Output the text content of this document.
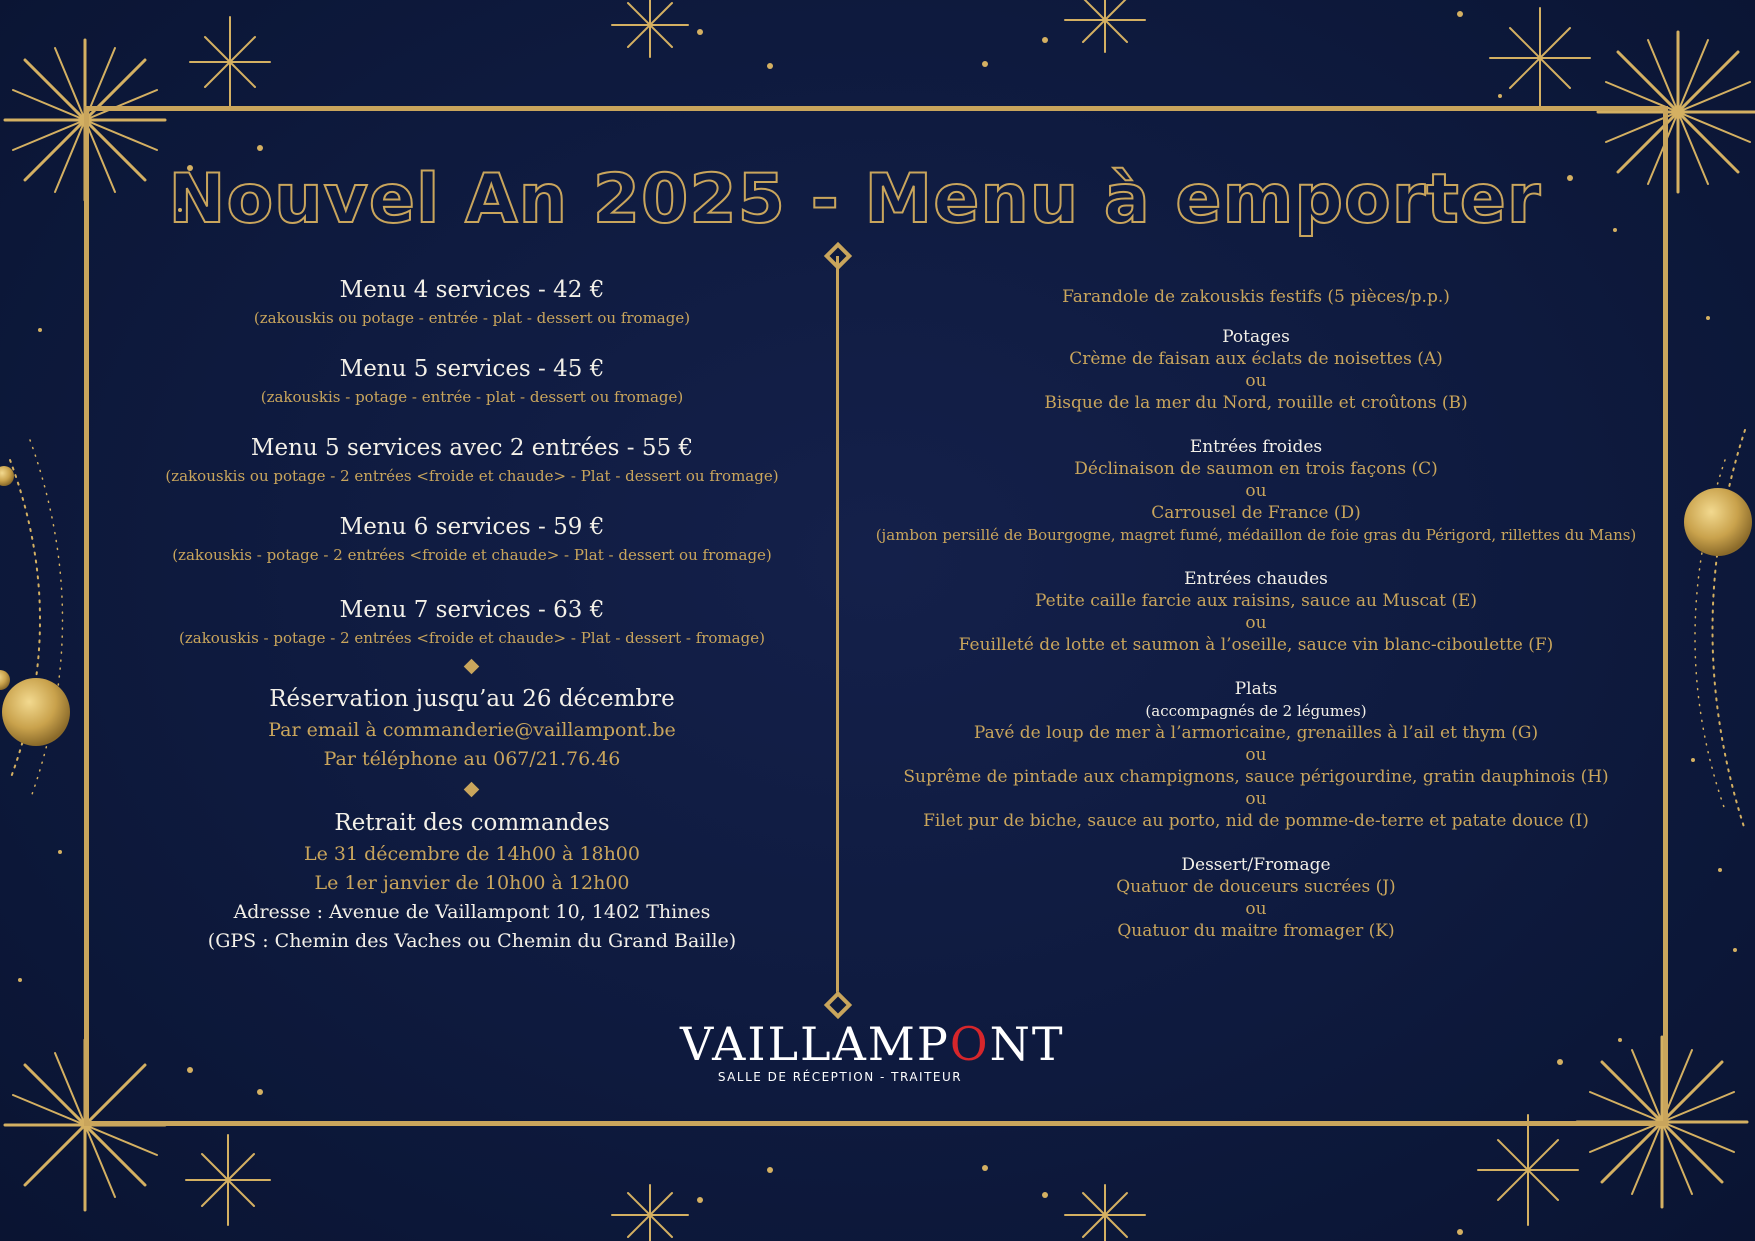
Nouvel An 2025 - Menu à emporter
Menu 4 services - 42 €
(zakouskis ou potage - entrée - plat - dessert ou fromage)
Menu 5 services - 45 €
(zakouskis - potage - entrée - plat - dessert ou fromage)
Menu 5 services avec 2 entrées - 55 €
(zakouskis ou potage - 2 entrées <froide et chaude> - Plat - dessert ou fromage)
Menu 6 services - 59 €
(zakouskis - potage - 2 entrées <froide et chaude> - Plat - dessert ou fromage)
Menu 7 services - 63 €
(zakouskis - potage - 2 entrées <froide et chaude> - Plat - dessert - fromage)
Réservation jusqu’au 26 décembre
Par email à commanderie@vaillampont.be
Par téléphone au 067/21.76.46
Retrait des commandes
Le 31 décembre de 14h00 à 18h00
Le 1er janvier de 10h00 à 12h00
Adresse : Avenue de Vaillampont 10, 1402 Thines
(GPS : Chemin des Vaches ou Chemin du Grand Baille)
Farandole de zakouskis festifs (5 pièces/p.p.)
Potages
Crème de faisan aux éclats de noisettes (A)
ou
Bisque de la mer du Nord, rouille et croûtons (B)
Entrées froides
Déclinaison de saumon en trois façons (C)
ou
Carrousel de France (D)
(jambon persillé de Bourgogne, magret fumé, médaillon de foie gras du Périgord, rillettes du Mans)
Entrées chaudes
Petite caille farcie aux raisins, sauce au Muscat (E)
ou
Feuilleté de lotte et saumon à l’oseille, sauce vin blanc-ciboulette (F)
Plats
(accompagnés de 2 légumes)
Pavé de loup de mer à l’armoricaine, grenailles à l’ail et thym (G)
ou
Suprême de pintade aux champignons, sauce périgourdine, gratin dauphinois (H)
ou
Filet pur de biche, sauce au porto, nid de pomme-de-terre et patate douce (I)
Dessert/Fromage
Quatuor de douceurs sucrées (J)
ou
Quatuor du maitre fromager (K)
VAILLAMPONT
SALLE DE RÉCEPTION - TRAITEUR
